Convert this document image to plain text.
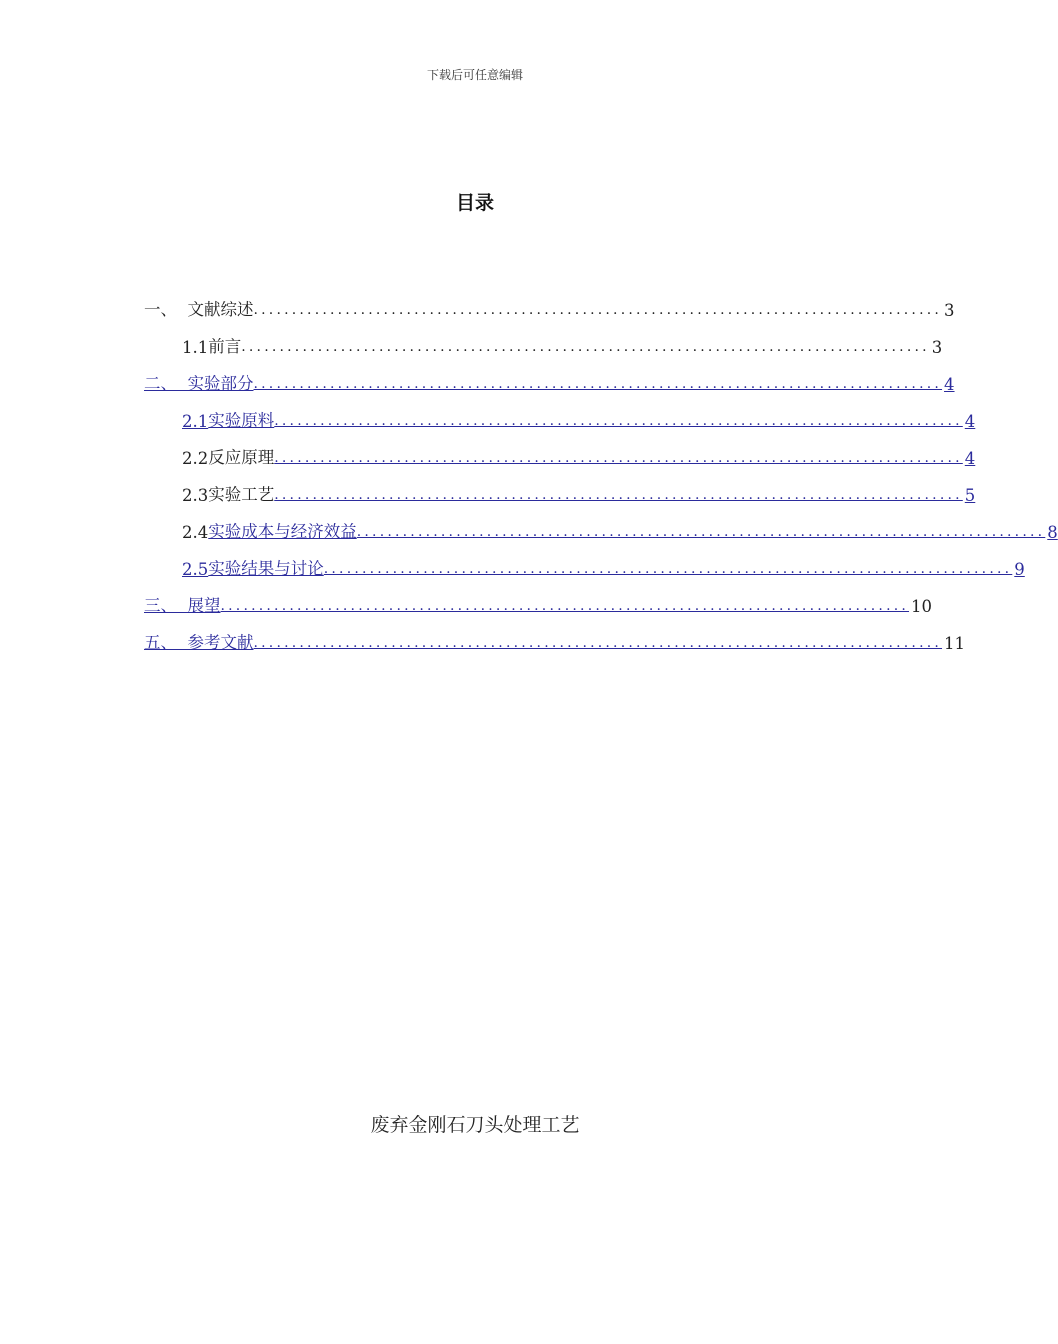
下载后可任意编辑
目录
一、 文献综述 .......................................................................................... 3
1.1 前言 .......................................................................................... 3
二、 实验部分 .......................................................................................... 4
2.1 实验原料 .......................................................................................... 4
2.2 反应原理 .......................................................................................... 4
2.3 实验工艺 .......................................................................................... 5
2.4 实验成本与经济效益 .......................................................................................... 8
2.5 实验结果与讨论 .......................................................................................... 9
三、 展望 .......................................................................................... 10
五、 参考文献 .......................................................................................... 11
废弃金刚石刀头处理工艺
